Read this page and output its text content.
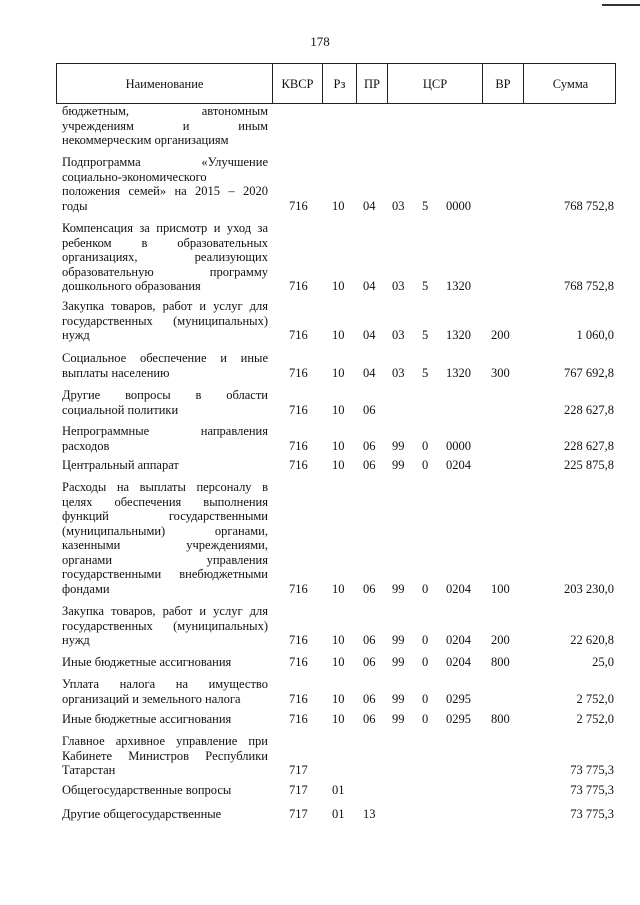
178
Наименование	КВСР	Рз	ПР	ЦСР	ВР	Сумма
бюджетным, автономным
учреждениям и иным
некоммерческим организациям
Подпрограмма «Улучшение
социально-экономического
положения семей» на 2015 – 2020
годы	716 10 04 03 5 0000	768 752,8
Компенсация за присмотр и уход за
ребенком в образовательных
организациях, реализующих
образовательную программу
дошкольного образования	716 10 04 03 5 1320	768 752,8
Закупка товаров, работ и услуг для
государственных (муниципальных)
нужд	716 10 04 03 5 1320 200	1 060,0
Социальное обеспечение и иные
выплаты населению	716 10 04 03 5 1320 300	767 692,8
Другие вопросы в области
социальной политики	716 10 06	228 627,8
Непрограммные направления
расходов	716 10 06 99 0 0000	228 627,8
Центральный аппарат	716 10 06 99 0 0204	225 875,8
Расходы на выплаты персоналу в
целях обеспечения выполнения
функций государственными
(муниципальными) органами,
казенными учреждениями,
органами управления
государственными внебюджетными
фондами	716 10 06 99 0 0204 100	203 230,0
Закупка товаров, работ и услуг для
государственных (муниципальных)
нужд	716 10 06 99 0 0204 200	22 620,8
Иные бюджетные ассигнования	716 10 06 99 0 0204 800	25,0
Уплата налога на имущество
организаций и земельного налога	716 10 06 99 0 0295	2 752,0
Иные бюджетные ассигнования	716 10 06 99 0 0295 800	2 752,0
Главное архивное управление при
Кабинете Министров Республики
Татарстан	717	73 775,3
Общегосударственные вопросы	717 01	73 775,3
Другие общегосударственные	717 01 13	73 775,3
